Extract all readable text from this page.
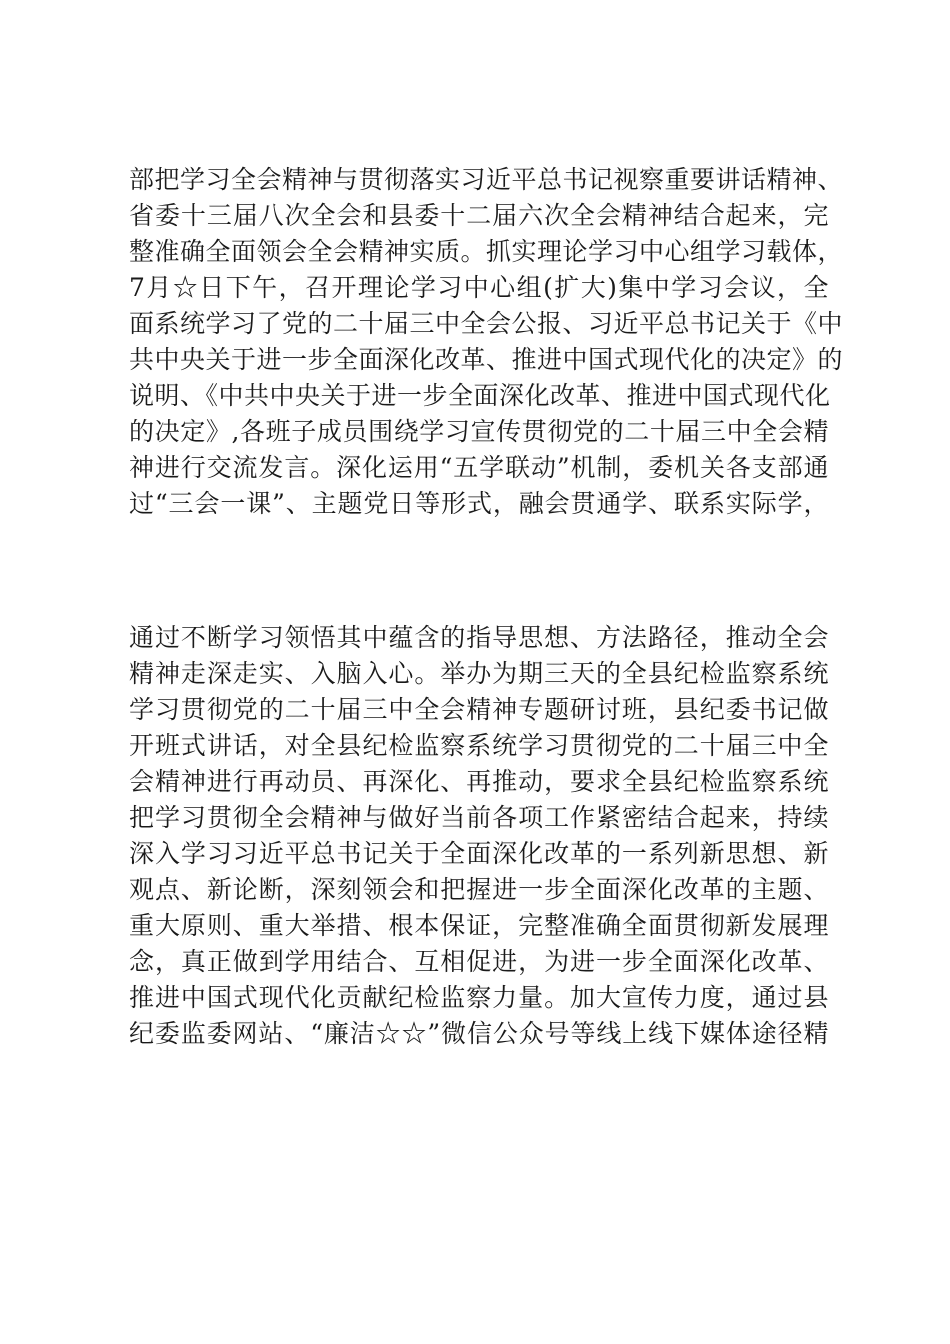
部把学习全会精神与贯彻落实习近平总书记视察重要讲话精神、
省委十三届八次全会和县委十二届六次全会精神结合起来，完
整准确全面领会全会精神实质。抓实理论学习中心组学习载体，
7月☆日下午，召开理论学习中心组(扩大)集中学习会议，全
面系统学习了党的二十届三中全会公报、习近平总书记关于《中
共中央关于进一步全面深化改革、推进中国式现代化的决定》的
说明、《中共中央关于进一步全面深化改革、推进中国式现代化
的决定》,各班子成员围绕学习宣传贯彻党的二十届三中全会精
神进行交流发言。深化运用“五学联动”机制，委机关各支部通
过“三会一课”、主题党日等形式，融会贯通学、联系实际学，
通过不断学习领悟其中蕴含的指导思想、方法路径，推动全会
精神走深走实、入脑入心。举办为期三天的全县纪检监察系统
学习贯彻党的二十届三中全会精神专题研讨班，县纪委书记做
开班式讲话，对全县纪检监察系统学习贯彻党的二十届三中全
会精神进行再动员、再深化、再推动，要求全县纪检监察系统
把学习贯彻全会精神与做好当前各项工作紧密结合起来，持续
深入学习习近平总书记关于全面深化改革的一系列新思想、新
观点、新论断，深刻领会和把握进一步全面深化改革的主题、
重大原则、重大举措、根本保证，完整准确全面贯彻新发展理
念，真正做到学用结合、互相促进，为进一步全面深化改革、
推进中国式现代化贡献纪检监察力量。加大宣传力度，通过县
纪委监委网站、“廉洁☆☆”微信公众号等线上线下媒体途径精
